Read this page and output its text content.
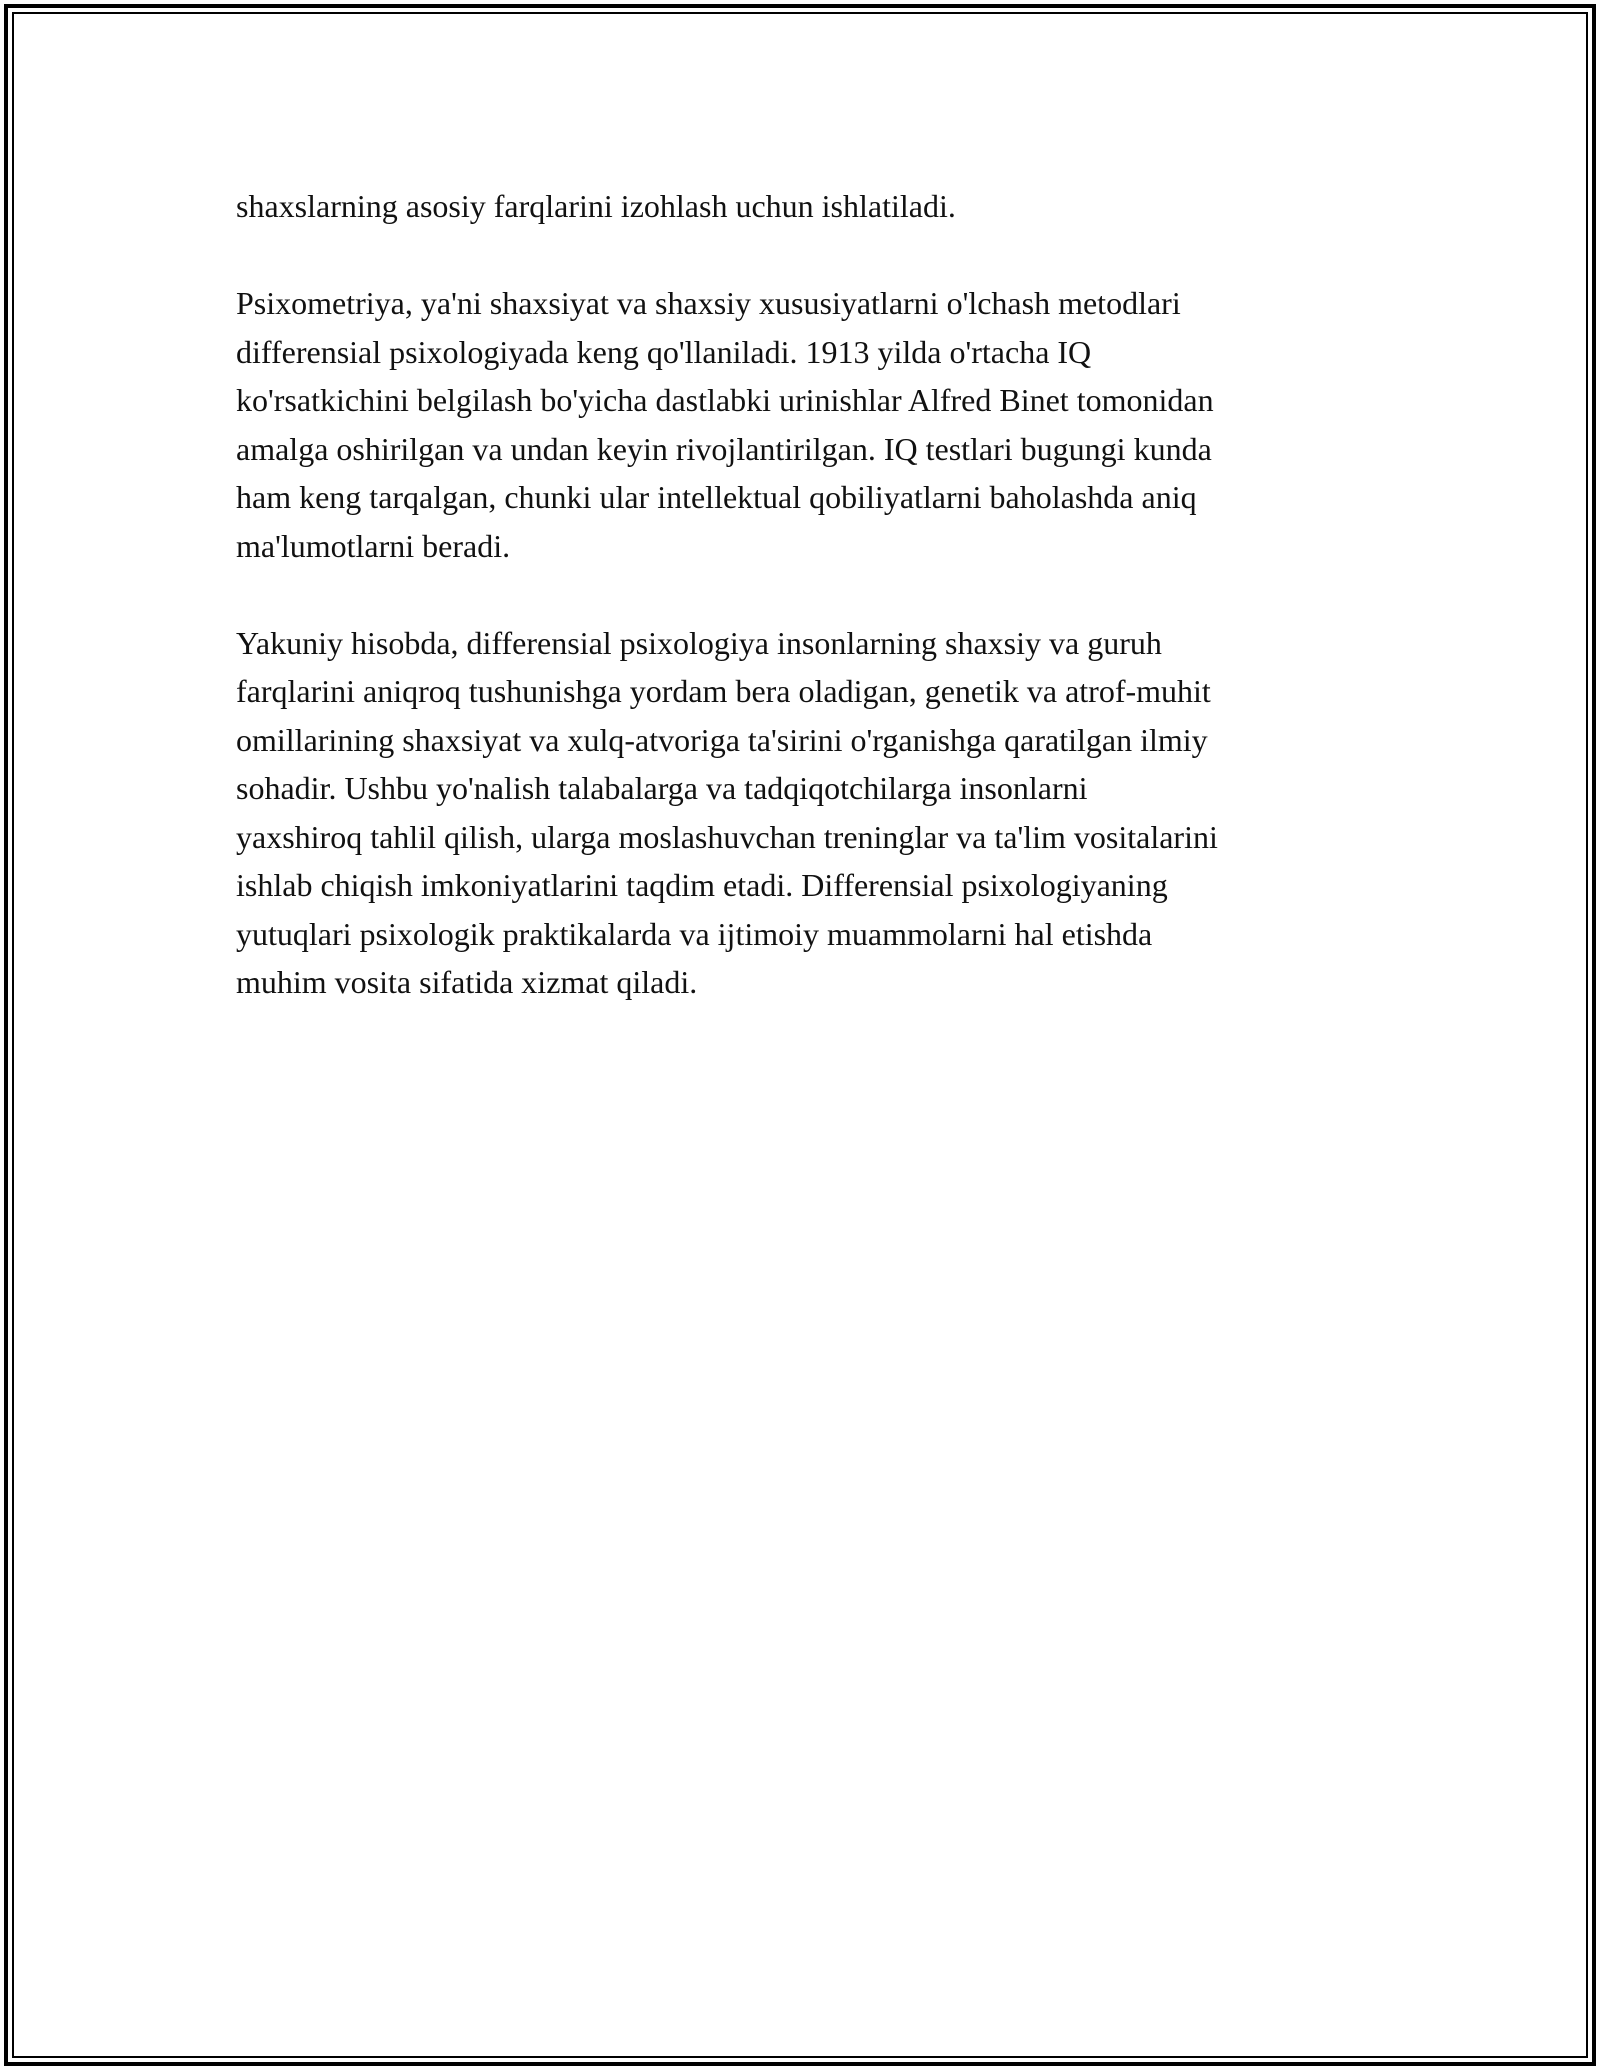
shaxslarning asosiy farqlarini izohlash uchun ishlatiladi.

Psixometriya, ya'ni shaxsiyat va shaxsiy xususiyatlarni o'lchash metodlari
differensial psixologiyada keng qo'llaniladi. 1913 yilda o'rtacha IQ
ko'rsatkichini belgilash bo'yicha dastlabki urinishlar Alfred Binet tomonidan
amalga oshirilgan va undan keyin rivojlantirilgan. IQ testlari bugungi kunda
ham keng tarqalgan, chunki ular intellektual qobiliyatlarni baholashda aniq
ma'lumotlarni beradi.

Yakuniy hisobda, differensial psixologiya insonlarning shaxsiy va guruh
farqlarini aniqroq tushunishga yordam bera oladigan, genetik va atrof-muhit
omillarining shaxsiyat va xulq-atvoriga ta'sirini o'rganishga qaratilgan ilmiy
sohadir. Ushbu yo'nalish talabalarga va tadqiqotchilarga insonlarni
yaxshiroq tahlil qilish, ularga moslashuvchan treninglar va ta'lim vositalarini
ishlab chiqish imkoniyatlarini taqdim etadi. Differensial psixologiyaning
yutuqlari psixologik praktikalarda va ijtimoiy muammolarni hal etishda
muhim vosita sifatida xizmat qiladi.
